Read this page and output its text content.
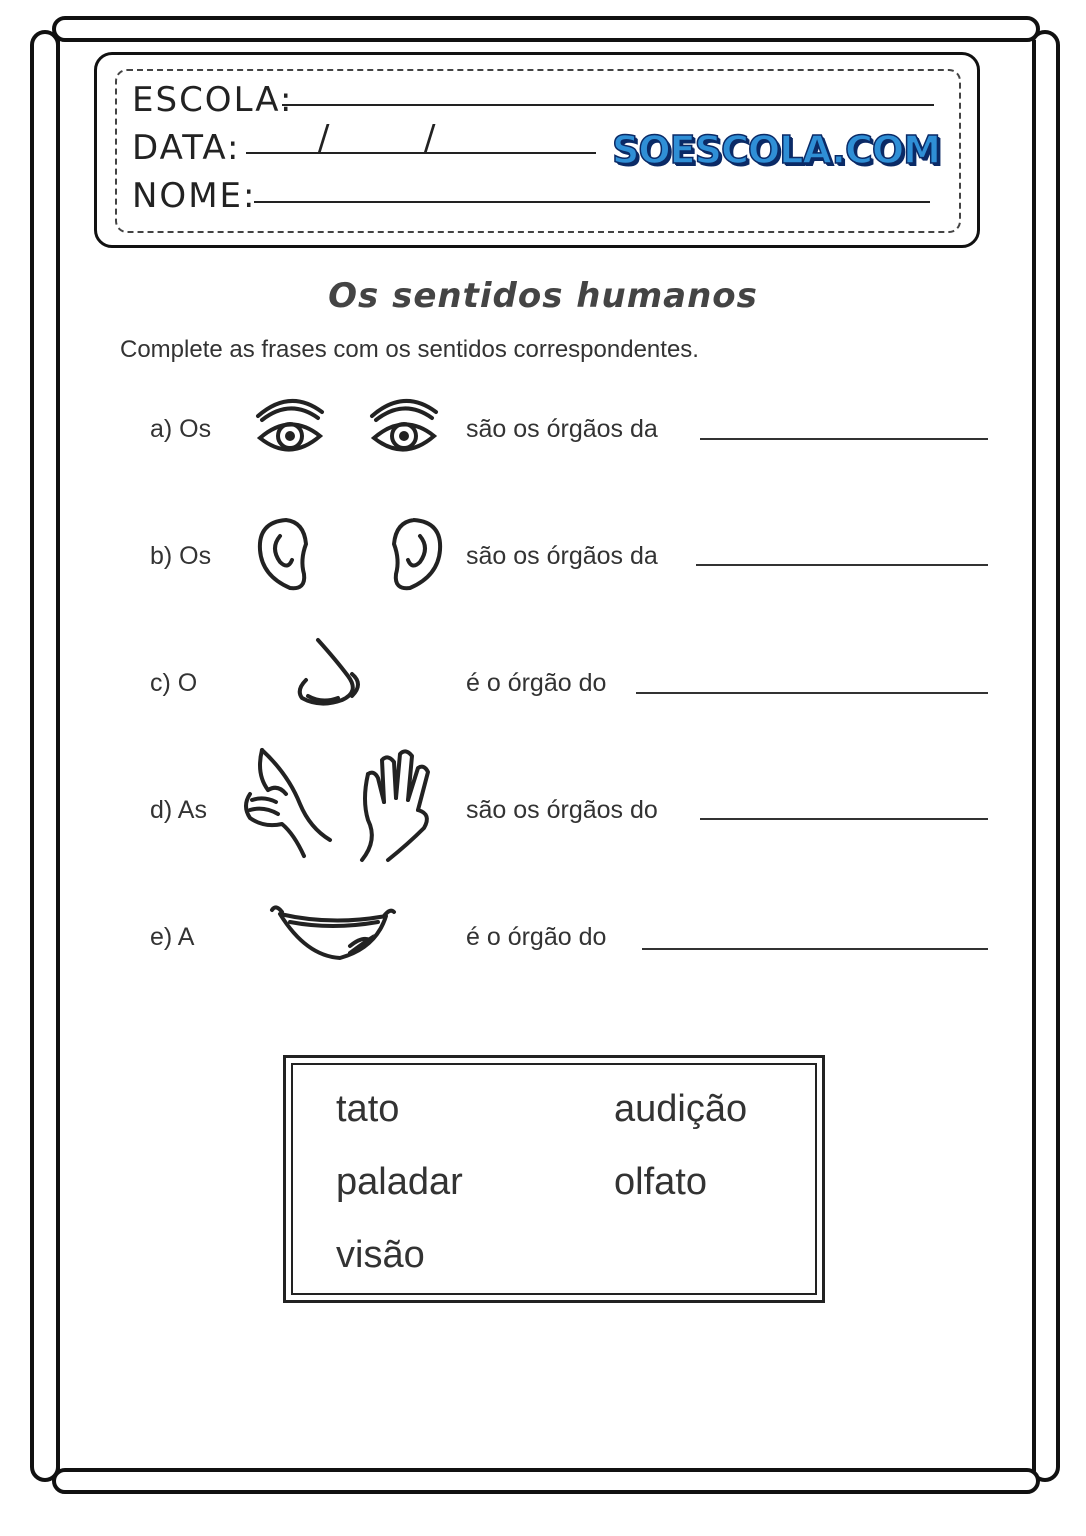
ESCOLA:
DATA: /	/	SOESCOLA.COM
NOME:
Os sentidos humanos
Complete as frases com os sentidos correspondentes.
a) Os	são os órgãos da
b) Os	são os órgãos da
c) O	é o órgão do
d) As	são os órgãos do
e) A	é o órgão do
tato	audição
paladar	olfato
visão
